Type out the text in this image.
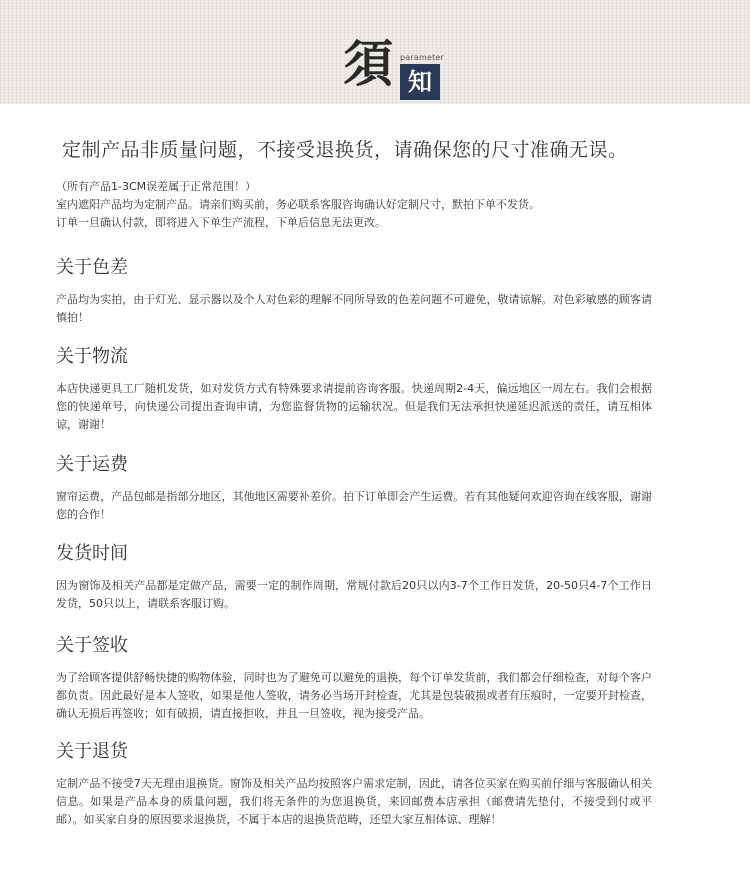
須 parameter
知
定制产品非质量问题，不接受退换货，请确保您的尺寸准确无误。
（所有产品1-3CM误差属于正常范围！）
室内遮阳产品均为定制产品。请亲们购买前，务必联系客服咨询确认好定制尺寸，默拍下单不发货。
订单一旦确认付款，即将进入下单生产流程，下单后信息无法更改。
关于色差
产品均为实拍，由于灯光、显示器以及个人对色彩的理解不同所导致的色差问题不可避免，敬请谅解。对色彩敏感的顾客请慎拍！
关于物流
本店快递更具工厂随机发货，如对发货方式有特殊要求请提前咨询客服。快递周期2-4天，偏远地区一周左右。我们会根据您的快递单号，向快递公司提出查询申请，为您监督货物的运输状况。但是我们无法承担快递延迟派送的责任，请互相体谅，谢谢！
关于运费
窗帘运费，产品包邮是指部分地区，其他地区需要补差价。拍下订单即会产生运费。若有其他疑问欢迎咨询在线客服，谢谢您的合作！
发货时间
因为窗饰及相关产品都是定做产品，需要一定的制作周期，常规付款后20只以内3-7个工作日发货，20-50只4-7个工作日发货，50只以上，请联系客服订购。
关于签收
为了给顾客提供舒畅快捷的购物体验，同时也为了避免可以避免的退换，每个订单发货前，我们都会仔细检查，对每个客户都负责。因此最好是本人签收，如果是他人签收，请务必当场开封检查，尤其是包装破损或者有压痕时，一定要开封检查，确认无损后再签收；如有破损，请直接拒收，并且一旦签收，视为接受产品。
关于退货
定制产品不接受7天无理由退换货。窗饰及相关产品均按照客户需求定制，因此，请各位买家在购买前仔细与客服确认相关信息。如果是产品本身的质量问题，我们将无条件的为您退换货，来回邮费本店承担（邮费请先垫付，不接受到付或平邮）。如买家自身的原因要求退换货，不属于本店的退换货范畴，还望大家互相体谅、理解！
